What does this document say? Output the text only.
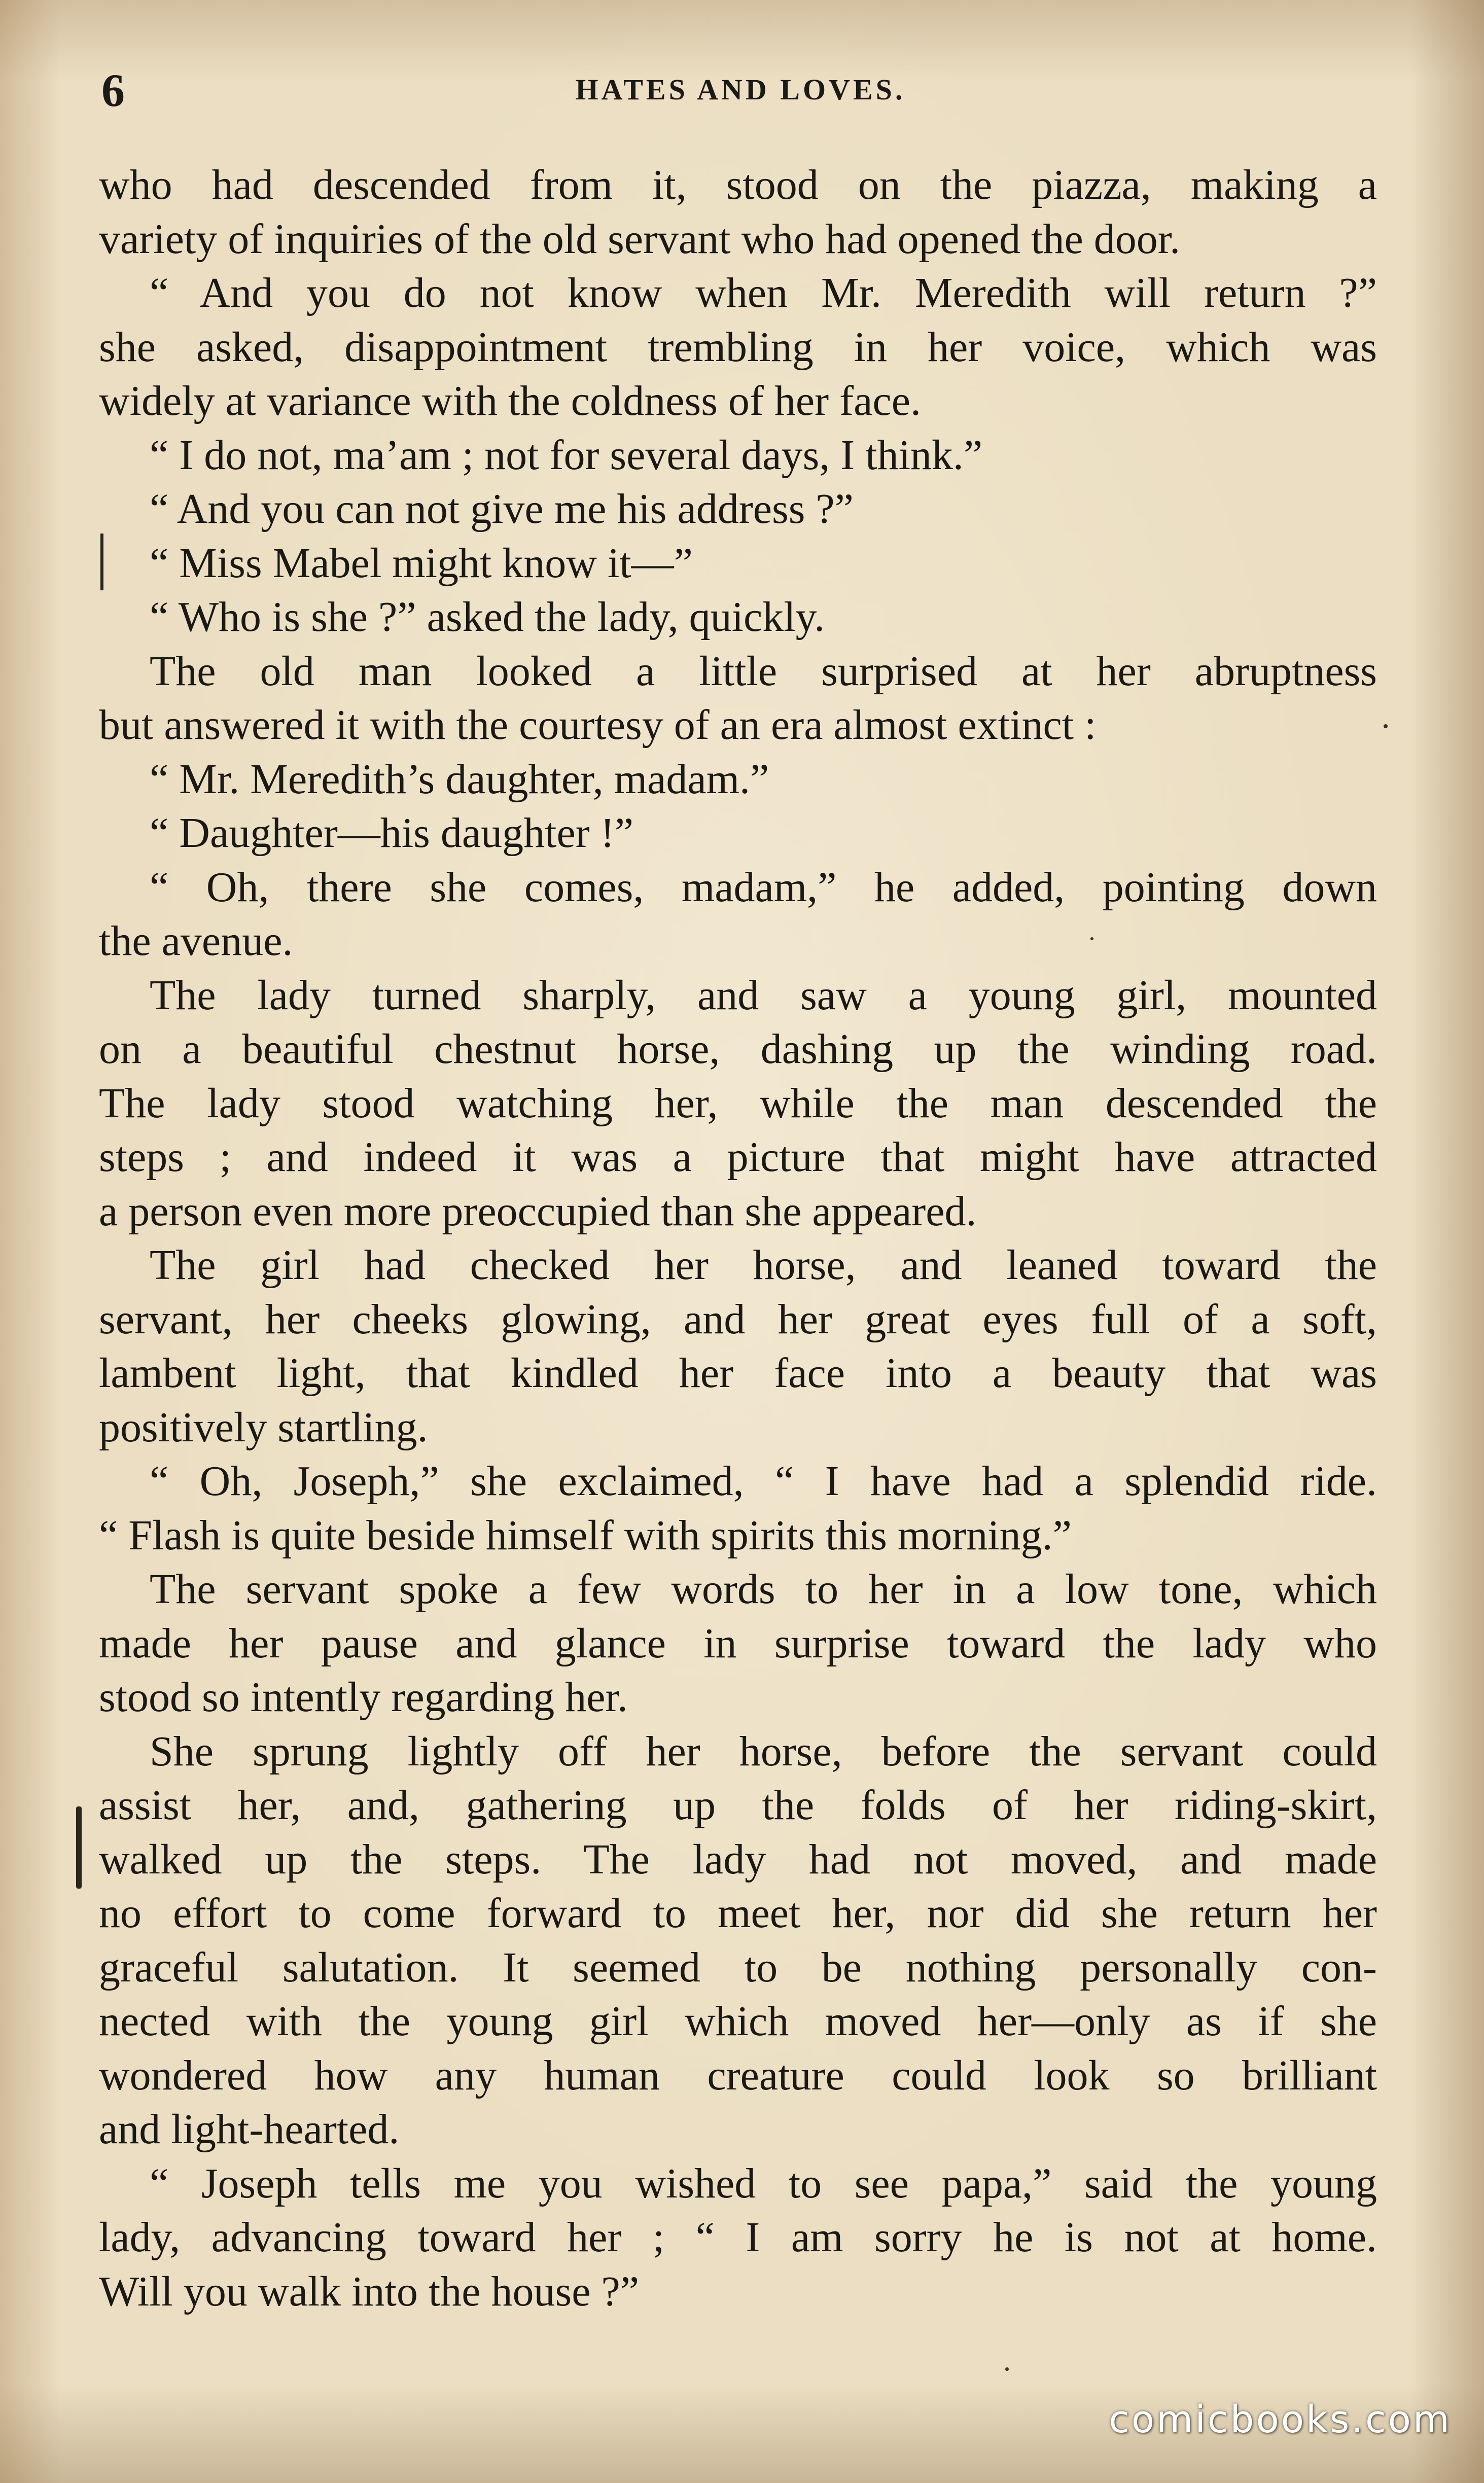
6	HATES AND LOVES.
who had descended from it, stood on the piazza, making a
variety of inquiries of the old servant who had opened the door.
“ And you do not know when Mr. Meredith will return ?”
she asked, disappointment trembling in her voice, which was
widely at variance with the coldness of her face.
“ I do not, ma’am ; not for several days, I think.”
“ And you can not give me his address ?”
“ Miss Mabel might know it—”
“ Who is she ?” asked the lady, quickly.
The old man looked a little surprised at her abruptness
but answered it with the courtesy of an era almost extinct :
“ Mr. Meredith’s daughter, madam.”
“ Daughter—his daughter !”
“ Oh, there she comes, madam,” he added, pointing down
the avenue.
The lady turned sharply, and saw a young girl, mounted
on a beautiful chestnut horse, dashing up the winding road.
The lady stood watching her, while the man descended the
steps ; and indeed it was a picture that might have attracted
a person even more preoccupied than she appeared.
The girl had checked her horse, and leaned toward the
servant, her cheeks glowing, and her great eyes full of a soft,
lambent light, that kindled her face into a beauty that was
positively startling.
“ Oh, Joseph,” she exclaimed, “ I have had a splendid ride.
“ Flash is quite beside himself with spirits this morning.”
The servant spoke a few words to her in a low tone, which
made her pause and glance in surprise toward the lady who
stood so intently regarding her.
She sprung lightly off her horse, before the servant could
assist her, and, gathering up the folds of her riding-skirt,
walked up the steps. The lady had not moved, and made
no effort to come forward to meet her, nor did she return her
graceful salutation. It seemed to be nothing personally con-
nected with the young girl which moved her—only as if she
wondered how any human creature could look so brilliant
and light-hearted.
“ Joseph tells me you wished to see papa,” said the young
lady, advancing toward her ; “ I am sorry he is not at home.
Will you walk into the house ?”
comicbooks.com
